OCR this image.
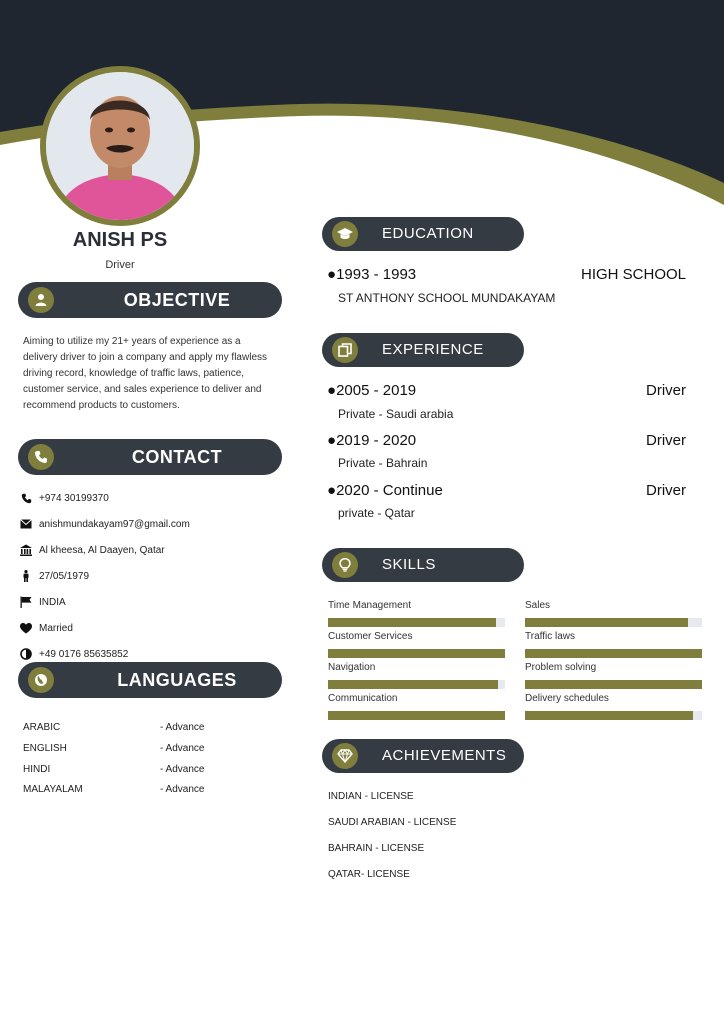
ANISH PS
Driver
OBJECTIVE
Aiming to utilize my 21+ years of experience as a delivery driver to join a company and apply my flawless driving record, knowledge of traffic laws, patience, customer service, and sales experience to deliver and recommend products to customers.
CONTACT
+974 30199370
anishmundakayam97@gmail.com
Al kheesa, Al Daayen, Qatar
27/05/1979
INDIA
Married
+49 0176 85635852
LANGUAGES
ARABIC	- Advance
ENGLISH	- Advance
HINDI	- Advance
MALAYALAM	- Advance
EDUCATION
●1993 - 1993	HIGH SCHOOL
ST ANTHONY SCHOOL MUNDAKAYAM
EXPERIENCE
●2005 - 2019	Driver
Private - Saudi arabia
●2019 - 2020	Driver
Private - Bahrain
●2020 - Continue	Driver
private - Qatar
SKILLS
Time Management	Sales
Customer Services	Traffic laws
Navigation	Problem solving
Communication	Delivery schedules
ACHIEVEMENTS
INDIAN - LICENSE
SAUDI ARABIAN - LICENSE
BAHRAIN - LICENSE
QATAR- LICENSE
